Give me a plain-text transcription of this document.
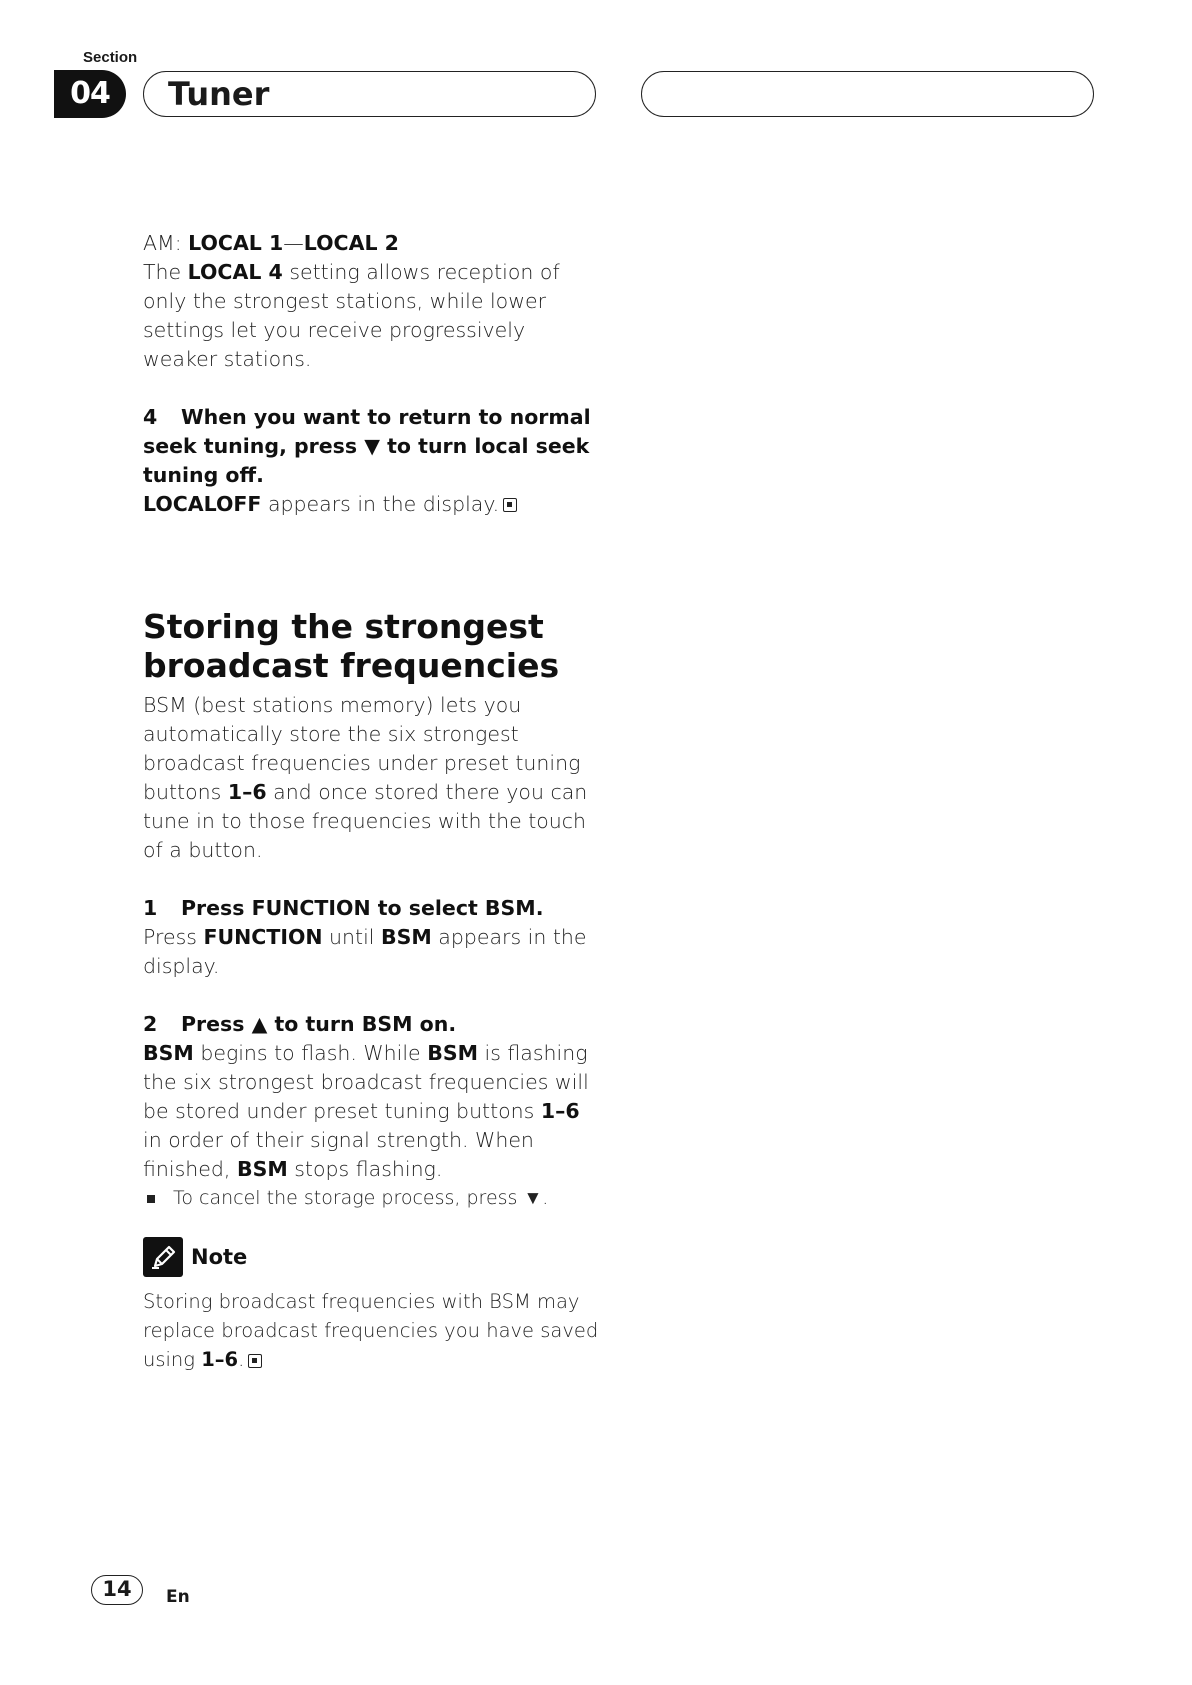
Section
04	Tuner

AM: LOCAL 1—LOCAL 2

The LOCAL 4 setting allows reception of only the strongest stations, while lower settings let you receive progressively weaker stations.

4 When you want to return to normal seek tuning, press ▼ to turn local seek tuning off.

LOCALOFF appears in the display.

Storing the strongest broadcast frequencies

BSM (best stations memory) lets you automatically store the six strongest broadcast frequencies under preset tuning buttons 1–6 and once stored there you can tune in to those frequencies with the touch of a button.

1 Press FUNCTION to select BSM.

Press FUNCTION until BSM appears in the display.

2 Press ▲ to turn BSM on.

BSM begins to flash. While BSM is flashing the six strongest broadcast frequencies will be stored under preset tuning buttons 1–6 in order of their signal strength. When finished, BSM stops flashing.

To cancel the storage process, press ▼.

Note

Storing broadcast frequencies with BSM may replace broadcast frequencies you have saved using 1–6.

14	En
